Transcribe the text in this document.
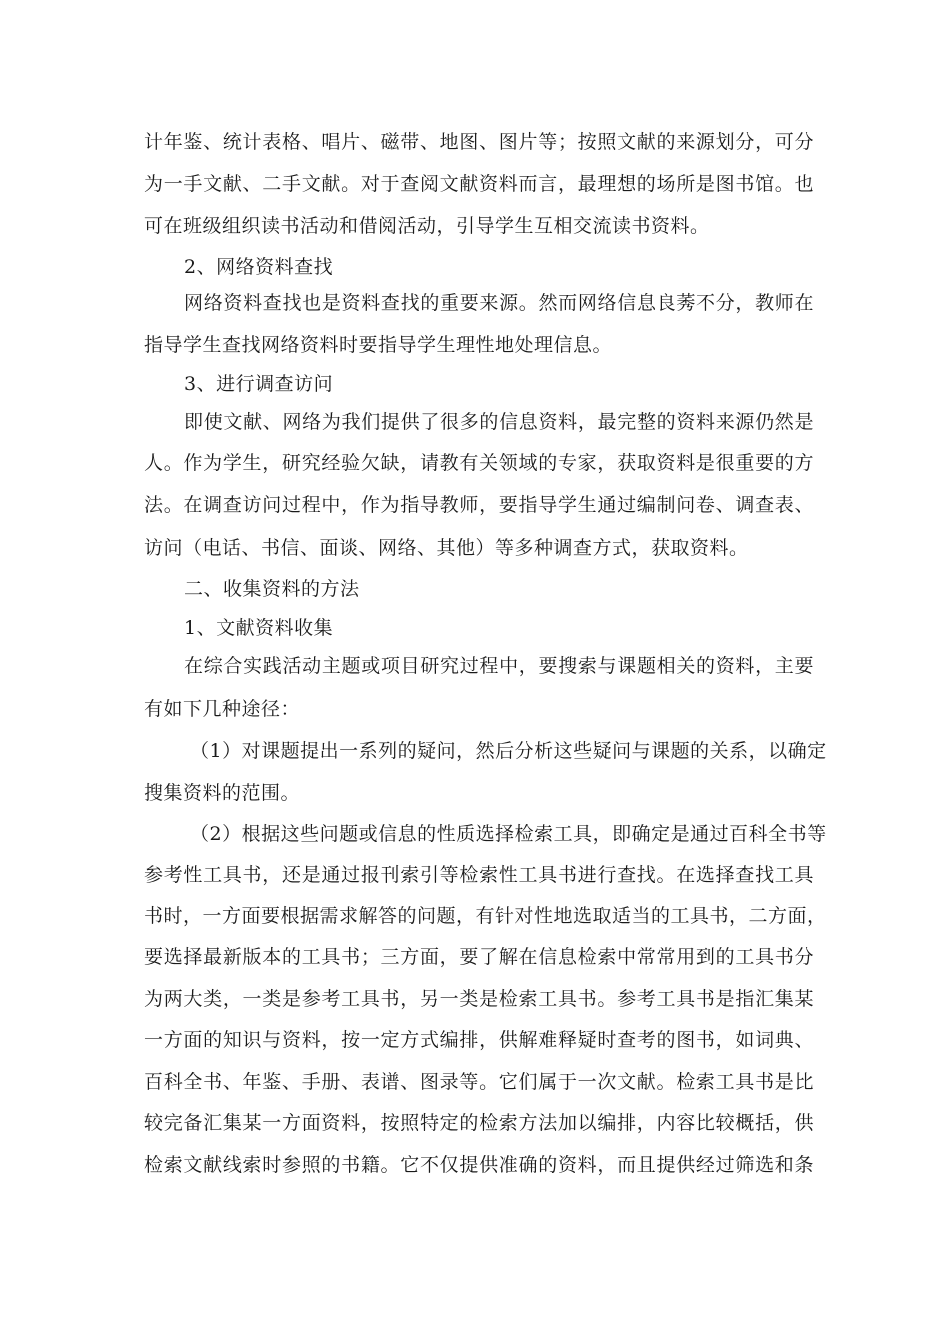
计年鉴、统计表格、唱片、磁带、地图、图片等；按照文献的来源划分，可分
为一手文献、二手文献。对于查阅文献资料而言，最理想的场所是图书馆。也
可在班级组织读书活动和借阅活动，引导学生互相交流读书资料。
2、网络资料查找
网络资料查找也是资料查找的重要来源。然而网络信息良莠不分，教师在
指导学生查找网络资料时要指导学生理性地处理信息。
3、进行调查访问
即使文献、网络为我们提供了很多的信息资料，最完整的资料来源仍然是
人。作为学生，研究经验欠缺，请教有关领域的专家，获取资料是很重要的方
法。在调查访问过程中，作为指导教师，要指导学生通过编制问卷、调查表、
访问（电话、书信、面谈、网络、其他）等多种调查方式，获取资料。
二、收集资料的方法
1、文献资料收集
在综合实践活动主题或项目研究过程中，要搜索与课题相关的资料，主要
有如下几种途径：
（1）对课题提出一系列的疑问，然后分析这些疑问与课题的关系，以确定
搜集资料的范围。
（2）根据这些问题或信息的性质选择检索工具，即确定是通过百科全书等
参考性工具书，还是通过报刊索引等检索性工具书进行查找。在选择查找工具
书时，一方面要根据需求解答的问题，有针对性地选取适当的工具书，二方面，
要选择最新版本的工具书；三方面，要了解在信息检索中常常用到的工具书分
为两大类，一类是参考工具书，另一类是检索工具书。参考工具书是指汇集某
一方面的知识与资料，按一定方式编排，供解难释疑时查考的图书，如词典、
百科全书、年鉴、手册、表谱、图录等。它们属于一次文献。检索工具书是比
较完备汇集某一方面资料，按照特定的检索方法加以编排，内容比较概括，供
检索文献线索时参照的书籍。它不仅提供准确的资料，而且提供经过筛选和条
